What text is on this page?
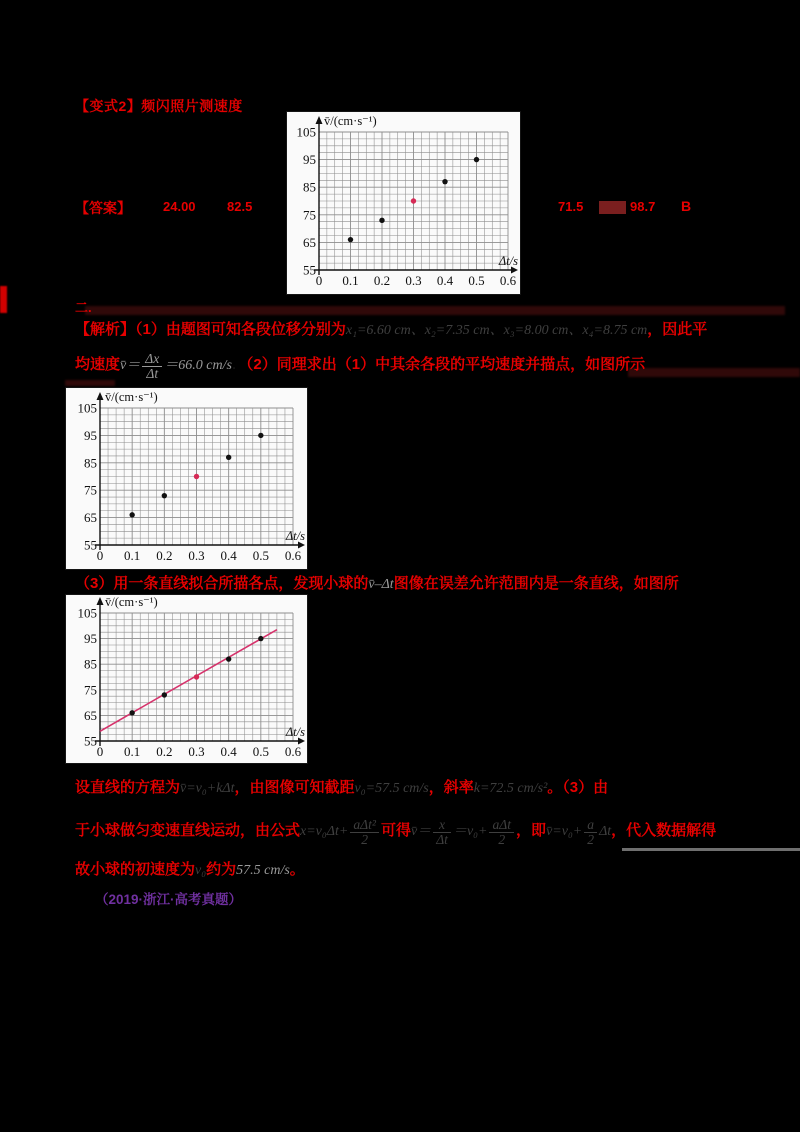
【变式2】频闪照片测速度
55
65
75
85
95
105
0 0.1 0.2 0.3 0.4 0.5 0.6
v̄/(cm·s⁻¹)
Δt/s
【答案】 24.00 82.5	71.5	98.7 B
二.
【解析】（1）由题图可知各段位移分别为x₁=6.60 cm、x₂=7.35 cm、x₃=8.00 cm、x₄=8.75 cm，因此平
均速度v̄＝ $\frac{\Delta x}{\Delta t} =66.0$ cm/s．（2）同理求出（1）中其余各段的平均速度并描点，如图所示
55
65
75
85
95
105
0 0.1 0.2 0.3 0.4 0.5 0.6
v̄/(cm·s⁻¹)
Δt/s
（3）用一条直线拟合所描各点，发现小球的v̄–Δt图像在误差允许范围内是一条直线，如图所
55
65
75
85
95
105
0 0.1 0.2 0.3 0.4 0.5 0.6
v̄/(cm·s⁻¹)
Δt/s
设直线的方程为v̄=v₀+kΔt，由图像可知截距v₀=57.5 cm/s，斜率k=72.5 cm/s²。（3）由
于小球做匀变速直线运动，由公式$x=v_0\Delta t+ \frac{\text{aΔt²}}{2}$ 可得v̄＝ $\frac{x}{\Delta t} =v_0+ \frac{\text{aΔt}}{2}$ ，即v̄=v₀+ $\frac{a}{2}$ Δt，代入数据解得
故小球的初速度为v₀约为57.5 cm/s。
（2019·浙江·高考真题）
